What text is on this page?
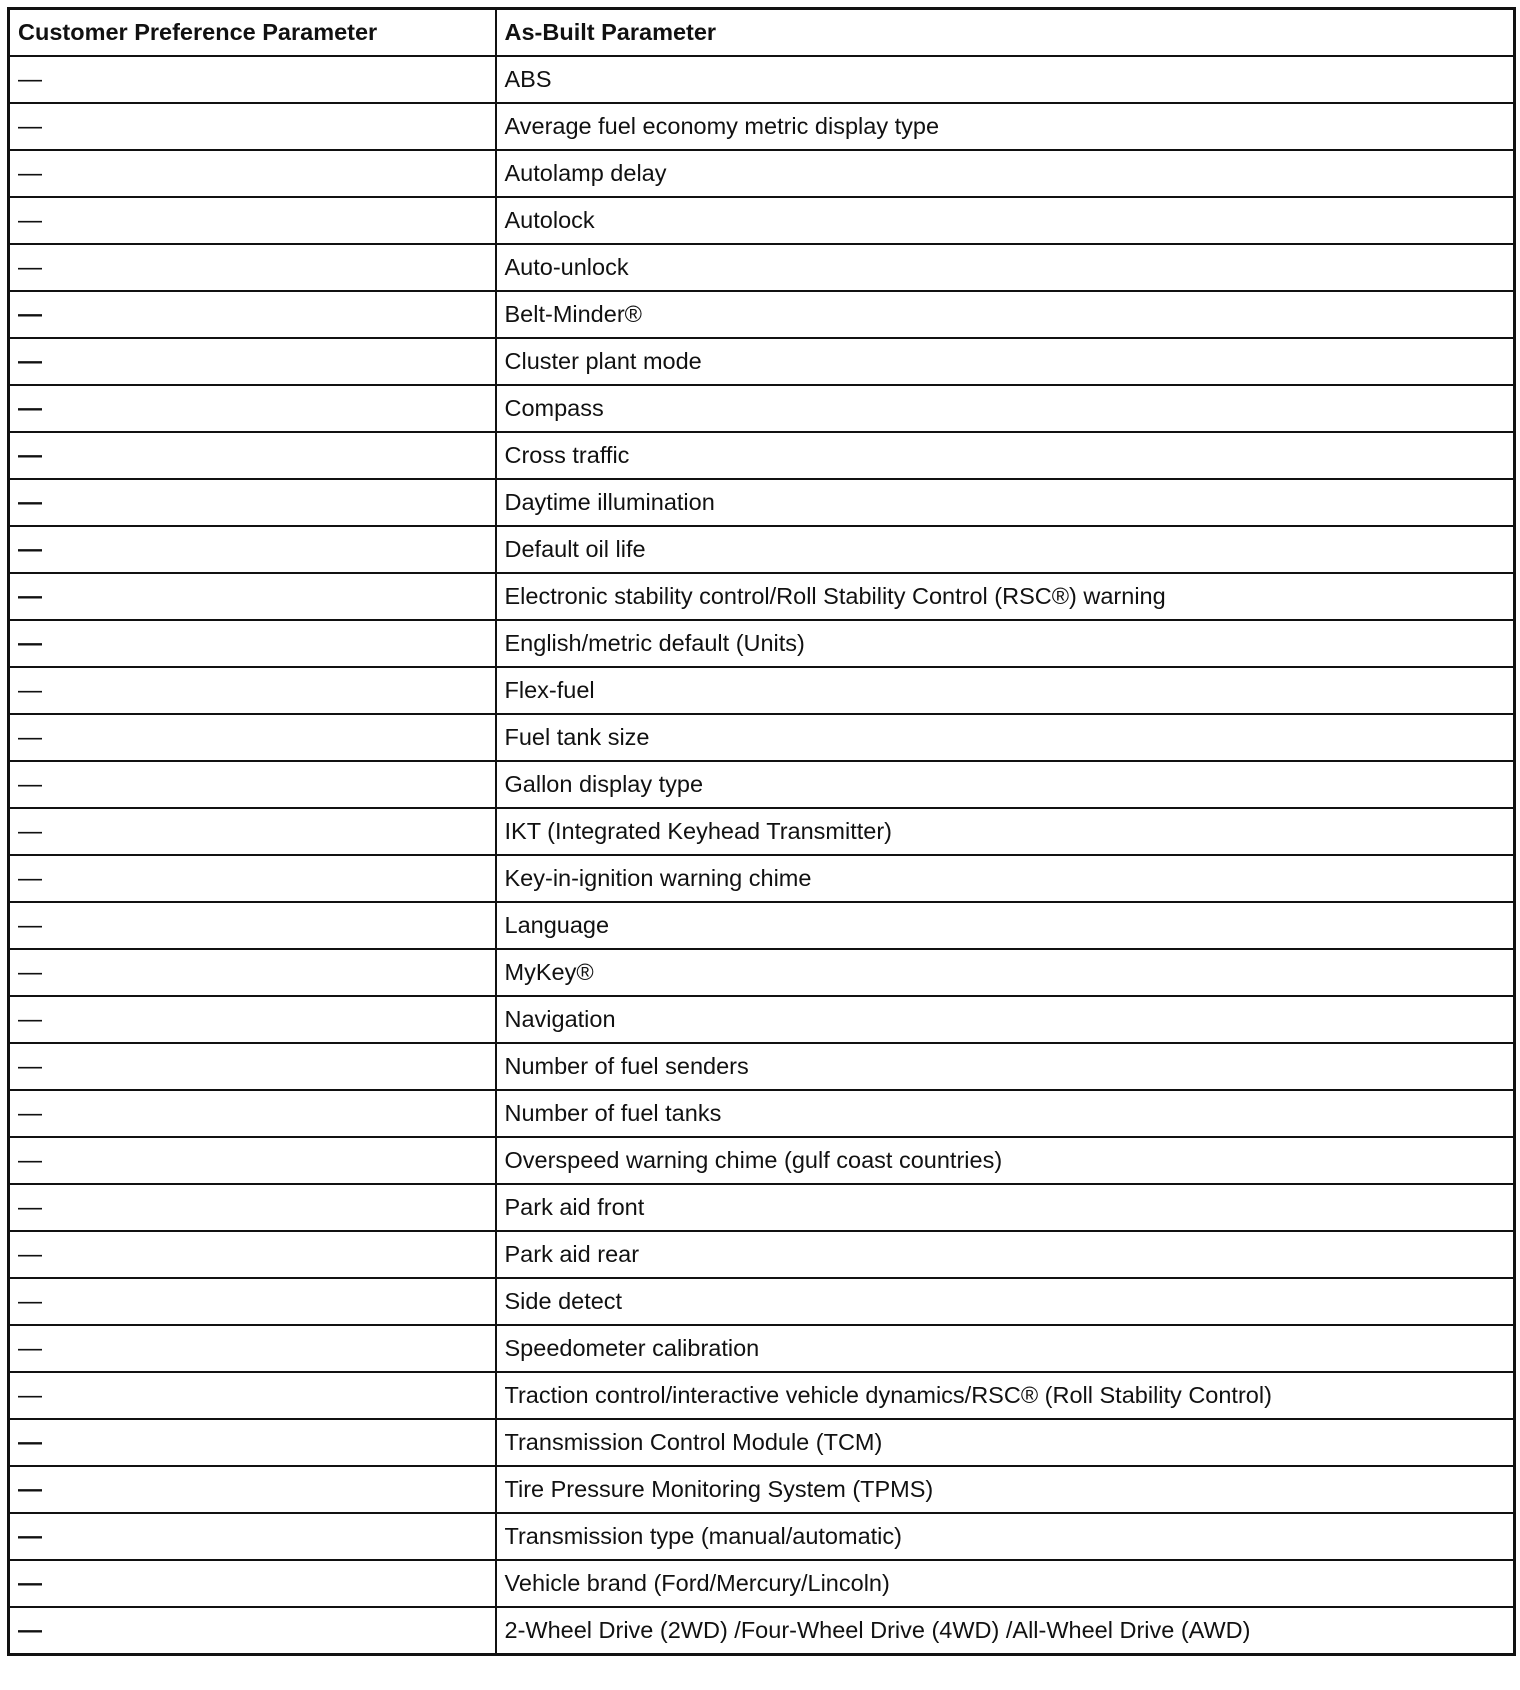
Customer Preference Parameter	As-Built Parameter
—	ABS
—	Average fuel economy metric display type
—	Autolamp delay
—	Autolock
—	Auto-unlock
—	Belt-Minder®
—	Cluster plant mode
—	Compass
—	Cross traffic
—	Daytime illumination
—	Default oil life
—	Electronic stability control/Roll Stability Control (RSC®) warning
—	English/metric default (Units)
—	Flex-fuel
—	Fuel tank size
—	Gallon display type
—	IKT (Integrated Keyhead Transmitter)
—	Key-in-ignition warning chime
—	Language
—	MyKey®
—	Navigation
—	Number of fuel senders
—	Number of fuel tanks
—	Overspeed warning chime (gulf coast countries)
—	Park aid front
—	Park aid rear
—	Side detect
—	Speedometer calibration
—	Traction control/interactive vehicle dynamics/RSC® (Roll Stability Control)
—	Transmission Control Module (TCM)
—	Tire Pressure Monitoring System (TPMS)
—	Transmission type (manual/automatic)
—	Vehicle brand (Ford/Mercury/Lincoln)
—	2-Wheel Drive (2WD) /Four-Wheel Drive (4WD) /All-Wheel Drive (AWD)
